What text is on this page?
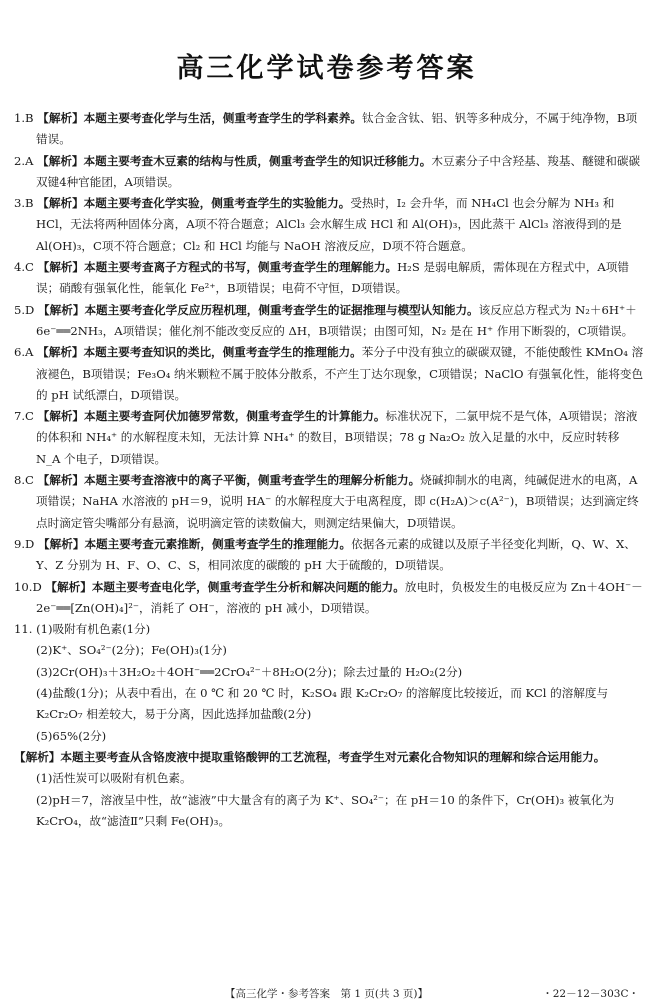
高三化学试卷参考答案
1.B 【解析】本题主要考查化学与生活，侧重考查学生的学科素养。钛合金含钛、铝、钒等多种成分，不属于纯净物，B项错误。
2.A 【解析】本题主要考查木豆素的结构与性质，侧重考查学生的知识迁移能力。木豆素分子中含羟基、羧基、醚键和碳碳双键4种官能团，A项错误。
3.B 【解析】本题主要考查化学实验，侧重考查学生的实验能力。受热时，I₂ 会升华，而 NH₄Cl 也会分解为 NH₃ 和 HCl，无法将两种固体分离，A项不符合题意；AlCl₃ 会水解生成 HCl 和 Al(OH)₃，因此蒸干 AlCl₃ 溶液得到的是 Al(OH)₃，C项不符合题意；Cl₂ 和 HCl 均能与 NaOH 溶液反应，D项不符合题意。
4.C 【解析】本题主要考查离子方程式的书写，侧重考查学生的理解能力。H₂S 是弱电解质，需体现在方程式中，A项错误；硝酸有强氧化性，能氧化 Fe²⁺，B项错误；电荷不守恒，D项错误。
5.D 【解析】本题主要考查化学反应历程机理，侧重考查学生的证据推理与模型认知能力。该反应总方程式为 N₂＋6H⁺＋6e⁻══2NH₃，A项错误；催化剂不能改变反应的 ΔH，B项错误；由图可知，N₂ 是在 H⁺ 作用下断裂的，C项错误。
6.A 【解析】本题主要考查知识的类比，侧重考查学生的推理能力。苯分子中没有独立的碳碳双键，不能使酸性 KMnO₄ 溶液褪色，B项错误；Fe₃O₄ 纳米颗粒不属于胶体分散系，不产生丁达尔现象，C项错误；NaClO 有强氧化性，能将变色的 pH 试纸漂白，D项错误。
7.C 【解析】本题主要考查阿伏加德罗常数，侧重考查学生的计算能力。标准状况下，二氯甲烷不是气体，A项错误；溶液的体积和 NH₄⁺ 的水解程度未知，无法计算 NH₄⁺ 的数目，B项错误；78 g Na₂O₂ 放入足量的水中，反应时转移 N_A 个电子，D项错误。
8.C 【解析】本题主要考查溶液中的离子平衡，侧重考查学生的理解分析能力。烧碱抑制水的电离，纯碱促进水的电离，A项错误；NaHA 水溶液的 pH＝9，说明 HA⁻ 的水解程度大于电离程度，即 c(H₂A)＞c(A²⁻)，B项错误；达到滴定终点时滴定管尖嘴部分有悬滴，说明滴定管的读数偏大，则测定结果偏大，D项错误。
9.D 【解析】本题主要考查元素推断，侧重考查学生的推理能力。依据各元素的成键以及原子半径变化判断，Q、W、X、Y、Z 分别为 H、F、O、C、S，相同浓度的碳酸的 pH 大于硫酸的，D项错误。
10.D 【解析】本题主要考查电化学，侧重考查学生分析和解决问题的能力。放电时，负极发生的电极反应为 Zn＋4OH⁻－2e⁻══[Zn(OH)₄]²⁻，消耗了 OH⁻，溶液的 pH 减小，D项错误。
11. (1)吸附有机色素(1分)
(2)K⁺、SO₄²⁻(2分)；Fe(OH)₃(1分)
(3)2Cr(OH)₃＋3H₂O₂＋4OH⁻══2CrO₄²⁻＋8H₂O(2分)；除去过量的 H₂O₂(2分)
(4)盐酸(1分)；从表中看出，在 0 ℃ 和 20 ℃ 时，K₂SO₄ 跟 K₂Cr₂O₇ 的溶解度比较接近，而 KCl 的溶解度与 K₂Cr₂O₇ 相差较大，易于分离，因此选择加盐酸(2分)
(5)65%(2分)
【解析】本题主要考查从含铬废液中提取重铬酸钾的工艺流程，考查学生对元素化合物知识的理解和综合运用能力。
(1)活性炭可以吸附有机色素。
(2)pH＝7，溶液呈中性，故“滤液”中大量含有的离子为 K⁺、SO₄²⁻；在 pH＝10 的条件下，Cr(OH)₃ 被氧化为 K₂CrO₄，故“滤渣Ⅱ”只剩 Fe(OH)₃。
【高三化学・参考答案　第 1 页(共 3 页)】	・22－12－303C・
